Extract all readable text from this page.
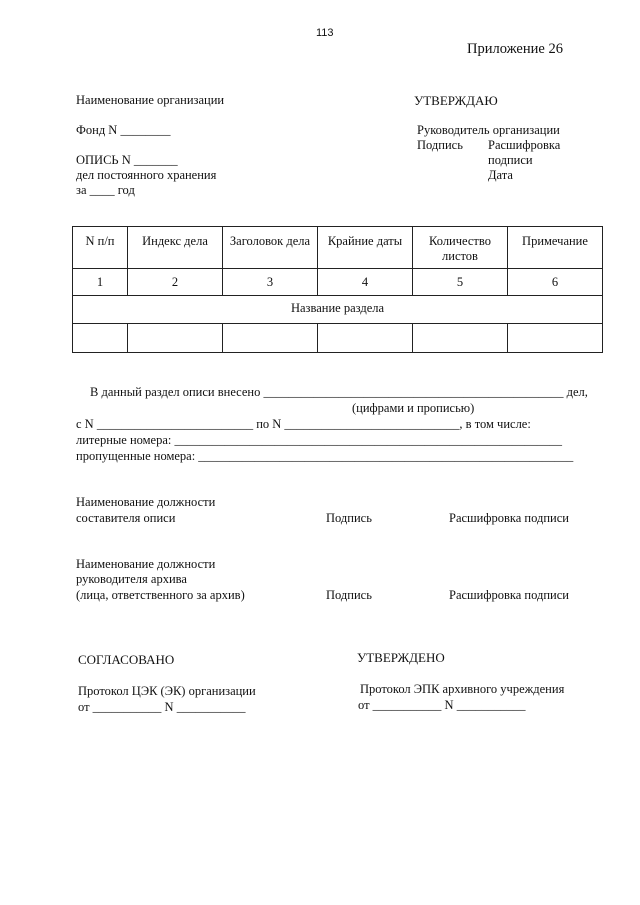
113
Приложение 26
Наименование организации
Фонд N ________
ОПИСЬ N _______
дел постоянного хранения
за ____ год
УТВЕРЖДАЮ
Руководитель организации
Подпись Расшифровка
подписи
Дата
N п/п	Индекс дела	Заголовок дела	Крайние даты	Количество листов	Примечание
1	2	3	4	5	6
Название раздела					

В данный раздел описи внесено ________________________________________________ дел,
(цифрами и прописью)
с N _________________________ по N ____________________________, в том числе:
литерные номера: ______________________________________________________________
пропущенные номера: ____________________________________________________________
Наименование должности
составителя описи	Подпись	Расшифровка подписи
Наименование должности
руководителя архива
(лица, ответственного за архив)	Подпись	Расшифровка подписи
СОГЛАСОВАНО
Протокол ЦЭК (ЭК) организации
от ___________ N ___________
УТВЕРЖДЕНО
Протокол ЭПК архивного учреждения
от ___________ N ___________
